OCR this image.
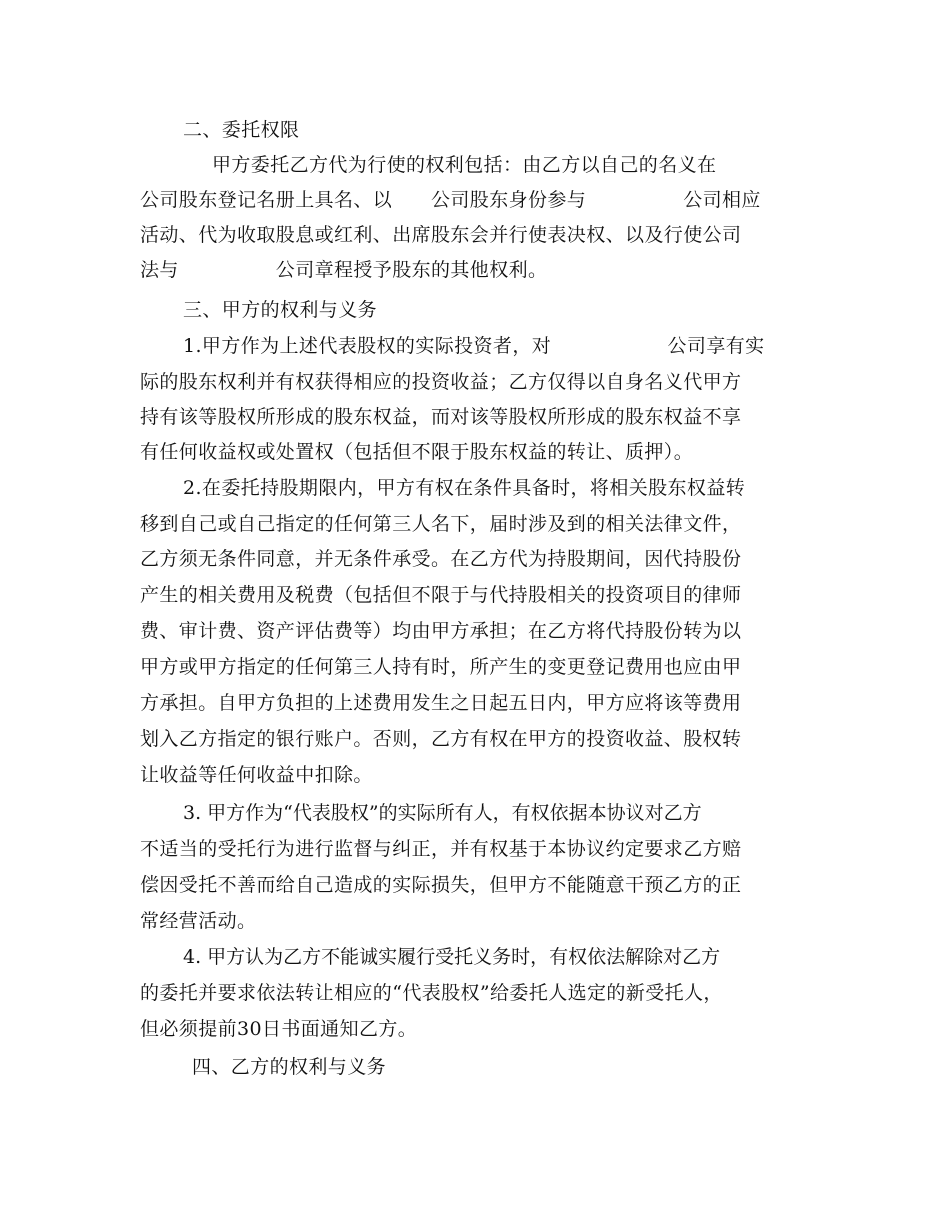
二、委托权限
甲方委托乙方代为行使的权利包括：由乙方以自己的名义在
公司股东登记名册上具名、以　　公司股东身份参与　　　　　公司相应
活动、代为收取股息或红利、出席股东会并行使表决权、以及行使公司
法与　　　　　公司章程授予股东的其他权利。
三、甲方的权利与义务
1.甲方作为上述代表股权的实际投资者，对　　　　　　公司享有实
际的股东权利并有权获得相应的投资收益；乙方仅得以自身名义代甲方
持有该等股权所形成的股东权益，而对该等股权所形成的股东权益不享
有任何收益权或处置权（包括但不限于股东权益的转让、质押）。
2.在委托持股期限内，甲方有权在条件具备时，将相关股东权益转
移到自己或自己指定的任何第三人名下，届时涉及到的相关法律文件，
乙方须无条件同意，并无条件承受。在乙方代为持股期间，因代持股份
产生的相关费用及税费（包括但不限于与代持股相关的投资项目的律师
费、审计费、资产评估费等）均由甲方承担；在乙方将代持股份转为以
甲方或甲方指定的任何第三人持有时，所产生的变更登记费用也应由甲
方承担。自甲方负担的上述费用发生之日起五日内，甲方应将该等费用
划入乙方指定的银行账户。否则，乙方有权在甲方的投资收益、股权转
让收益等任何收益中扣除。
3. 甲方作为“代表股权”的实际所有人，有权依据本协议对乙方
不适当的受托行为进行监督与纠正，并有权基于本协议约定要求乙方赔
偿因受托不善而给自己造成的实际损失，但甲方不能随意干预乙方的正
常经营活动。
4. 甲方认为乙方不能诚实履行受托义务时，有权依法解除对乙方
的委托并要求依法转让相应的“代表股权”给委托人选定的新受托人，
但必须提前30日书面通知乙方。
四、乙方的权利与义务
